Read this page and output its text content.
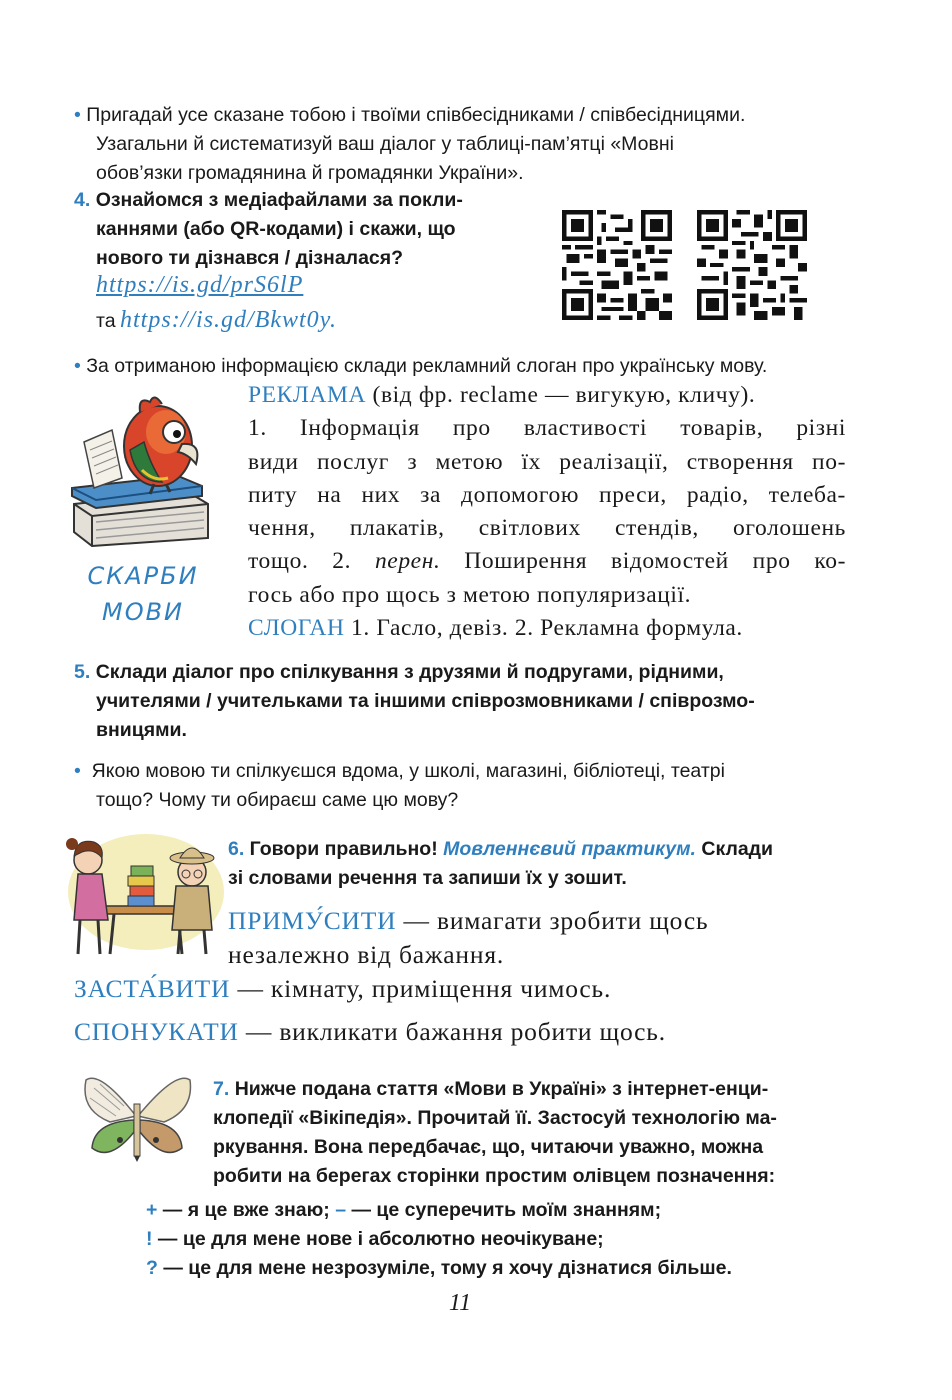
• Пригадай усе сказане тобою і твоїми співбесідниками / співбесідницями.
Узагальни й систематизуй ваш діалог у таблиці-пам’ятці «Мовні
обов’язки громадянина й громадянки України».
4. Ознайомся з медіафайлами за покли-
каннями (або QR-кодами) і скажи, що
нового ти дізнався / дізналася?
https://is.gd/prS6lP
та https://is.gd/Bkwt0y.
• За отриманою інформацією склади рекламний слоган про українську мову.
СКАРБИ
МОВИ
РЕКЛАМА (від фр. reclame — вигукую, кличу).
1. Інформація про властивості товарів, різні
види послуг з метою їх реалізації, створення по-
питу на них за допомогою преси, радіо, телеба-
чення, плакатів, світлових стендів, оголошень
тощо. 2. перен. Поширення відомостей про ко-
гось або про щось з метою популяризації.
СЛОГАН 1. Гасло, девіз. 2. Рекламна формула.
5. Склади діалог про спілкування з друзями й подругами, рідними,
учителями / учительками та іншими співрозмовниками / співрозмо-
вницями.
• Якою мовою ти спілкуєшся вдома, у школі, магазині, бібліотеці, театрі
тощо? Чому ти обираєш саме цю мову?
6. Говори правильно! Мовленнєвий практикум. Склади
зі словами речення та запиши їх у зошит.
ПРИМУ́СИТИ — вимагати зробити щось
незалежно від бажання.
ЗАСТА́ВИТИ — кімнату, приміщення чимось.
СПОНУКАТИ — викликати бажання робити щось.
7. Нижче подана стаття «Мови в Україні» з інтернет-енци-
клопедії «Вікіпедія». Прочитай її. Застосуй технологію ма-
ркування. Вона передбачає, що, читаючи уважно, можна
робити на берегах сторінки простим олівцем позначення:
+ — я це вже знаю; – — це суперечить моїм знанням;
! — це для мене нове і абсолютно неочікуване;
? — це для мене незрозуміле, тому я хочу дізнатися більше.
11
